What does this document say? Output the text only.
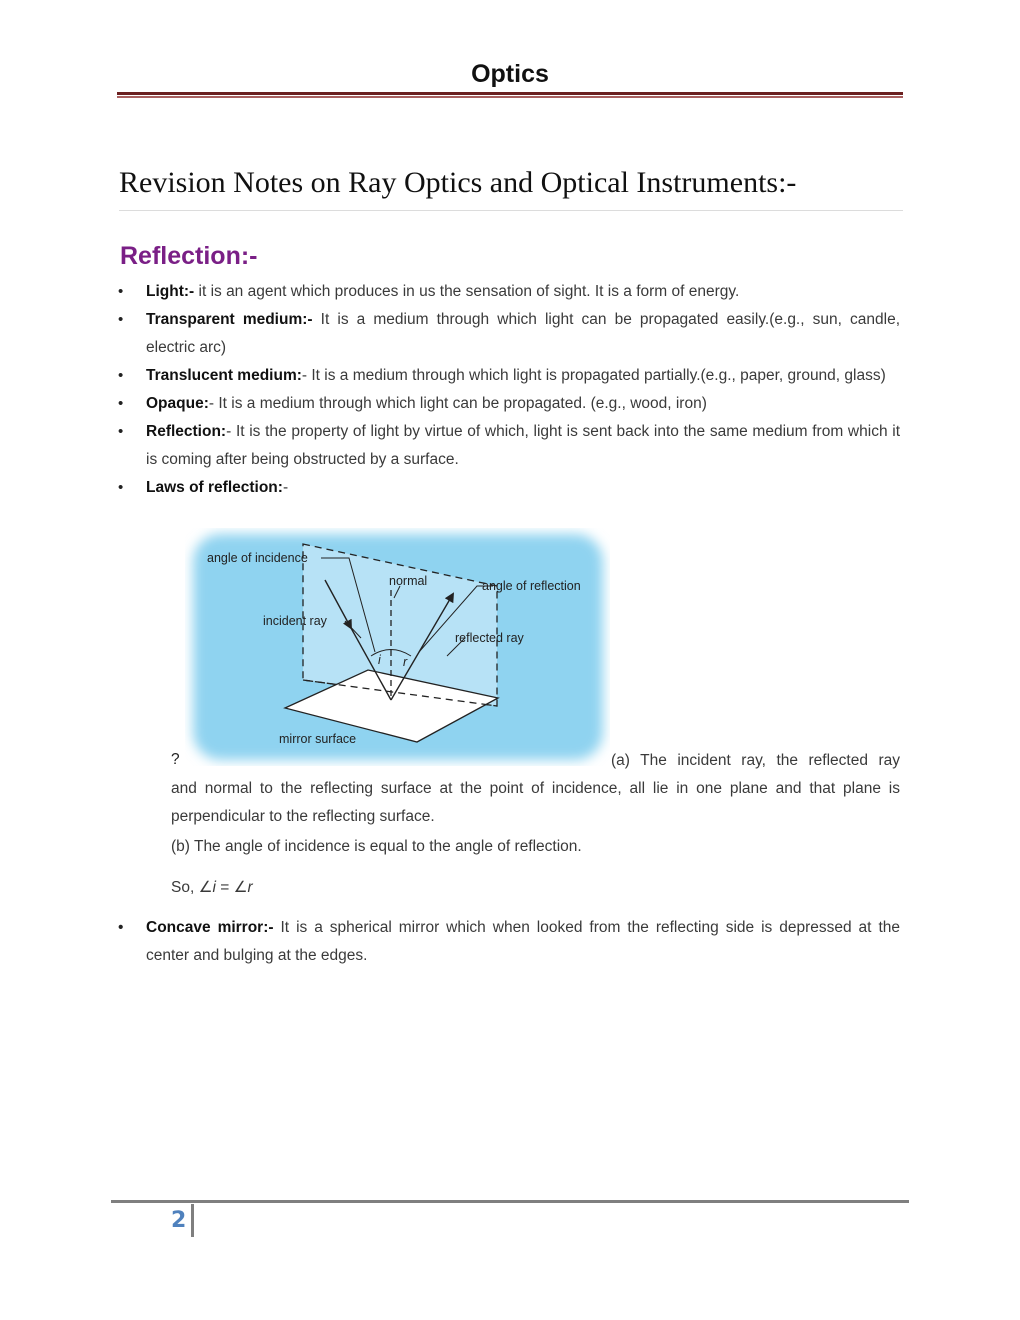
Optics
Revision Notes on Ray Optics and Optical Instruments:-
Reflection:-
• Light:- it is an agent which produces in us the sensation of sight. It is a form of energy.
• Transparent medium:- It is a medium through which light can be propagated easily.(e.g., sun, candle, electric arc)
• Translucent medium:- It is a medium through which light is propagated partially.(e.g., paper, ground, glass)
• Opaque:- It is a medium through which light can be propagated. (e.g., wood, iron)
• Reflection:- It is the property of light by virtue of which, light is sent back into the same medium from which it is coming after being obstructed by a surface.
• Laws of reflection:-
angle of incidence
normal	angle of reflection
incident ray
reflected ray
i r
mirror surface
?	(a) The incident ray, the reflected ray
and normal to the reflecting surface at the point of incidence, all lie in one plane and that plane is perpendicular to the reflecting surface.
(b) The angle of incidence is equal to the angle of reflection.
So, ∠i = ∠r
• Concave mirror:- It is a spherical mirror which when looked from the reflecting side is depressed at the center and bulging at the edges.
2
